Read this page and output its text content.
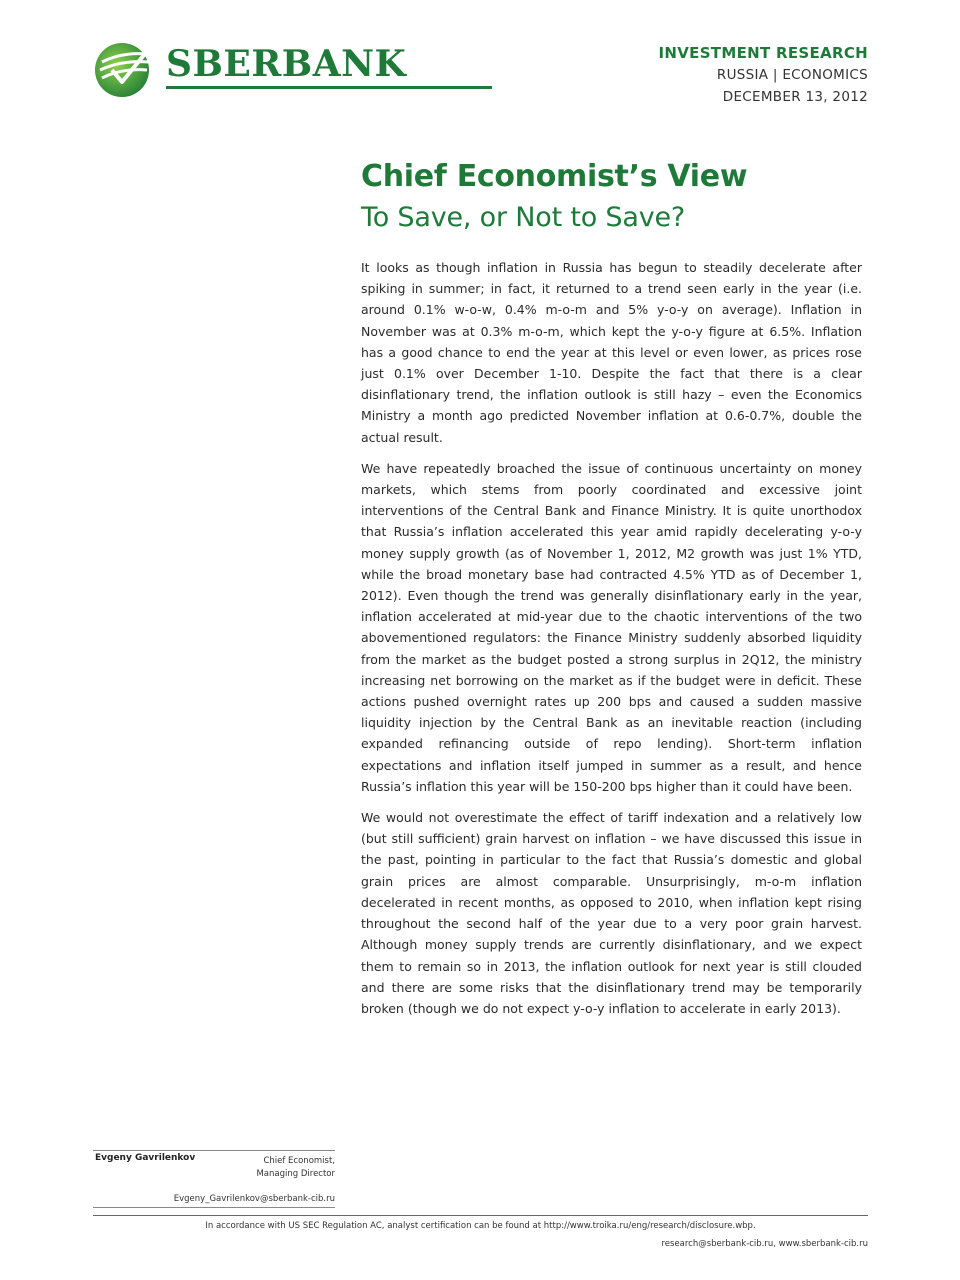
SBERBANK	INVESTMENT RESEARCH
RUSSIA | ECONOMICS
DECEMBER 13, 2012
Chief Economist’s View
To Save, or Not to Save?

It looks as though inflation in Russia has begun to steadily decelerate after spiking in summer; in fact, it returned to a trend seen early in the year (i.e. around 0.1% w-o-w, 0.4% m-o-m and 5% y-o-y on average). Inflation in November was at 0.3% m-o-m, which kept the y-o-y figure at 6.5%. Inflation has a good chance to end the year at this level or even lower, as prices rose just 0.1% over December 1-10. Despite the fact that there is a clear disinflationary trend, the inflation outlook is still hazy – even the Economics Ministry a month ago predicted November inflation at 0.6-0.7%, double the actual result.

We have repeatedly broached the issue of continuous uncertainty on money markets, which stems from poorly coordinated and excessive joint interventions of the Central Bank and Finance Ministry. It is quite unorthodox that Russia’s inflation accelerated this year amid rapidly decelerating y-o-y money supply growth (as of November 1, 2012, M2 growth was just 1% YTD, while the broad monetary base had contracted 4.5% YTD as of December 1, 2012). Even though the trend was generally disinflationary early in the year, inflation accelerated at mid-year due to the chaotic interventions of the two abovementioned regulators: the Finance Ministry suddenly absorbed liquidity from the market as the budget posted a strong surplus in 2Q12, the ministry increasing net borrowing on the market as if the budget were in deficit. These actions pushed overnight rates up 200 bps and caused a sudden massive liquidity injection by the Central Bank as an inevitable reaction (including expanded refinancing outside of repo lending). Short-term inflation expectations and inflation itself jumped in summer as a result, and hence Russia’s inflation this year will be 150-200 bps higher than it could have been.

We would not overestimate the effect of tariff indexation and a relatively low (but still sufficient) grain harvest on inflation – we have discussed this issue in the past, pointing in particular to the fact that Russia’s domestic and global grain prices are almost comparable. Unsurprisingly, m-o-m inflation decelerated in recent months, as opposed to 2010, when inflation kept rising throughout the second half of the year due to a very poor grain harvest. Although money supply trends are currently disinflationary, and we expect them to remain so in 2013, the inflation outlook for next year is still clouded and there are some risks that the disinflationary trend may be temporarily broken (though we do not expect y-o-y inflation to accelerate in early 2013).

Evgeny Gavrilenkov	Chief Economist,
Managing Director
Evgeny_Gavrilenkov@sberbank-cib.ru
In accordance with US SEC Regulation AC, analyst certification can be found at http://www.troika.ru/eng/research/disclosure.wbp.
research@sberbank-cib.ru, www.sberbank-cib.ru
